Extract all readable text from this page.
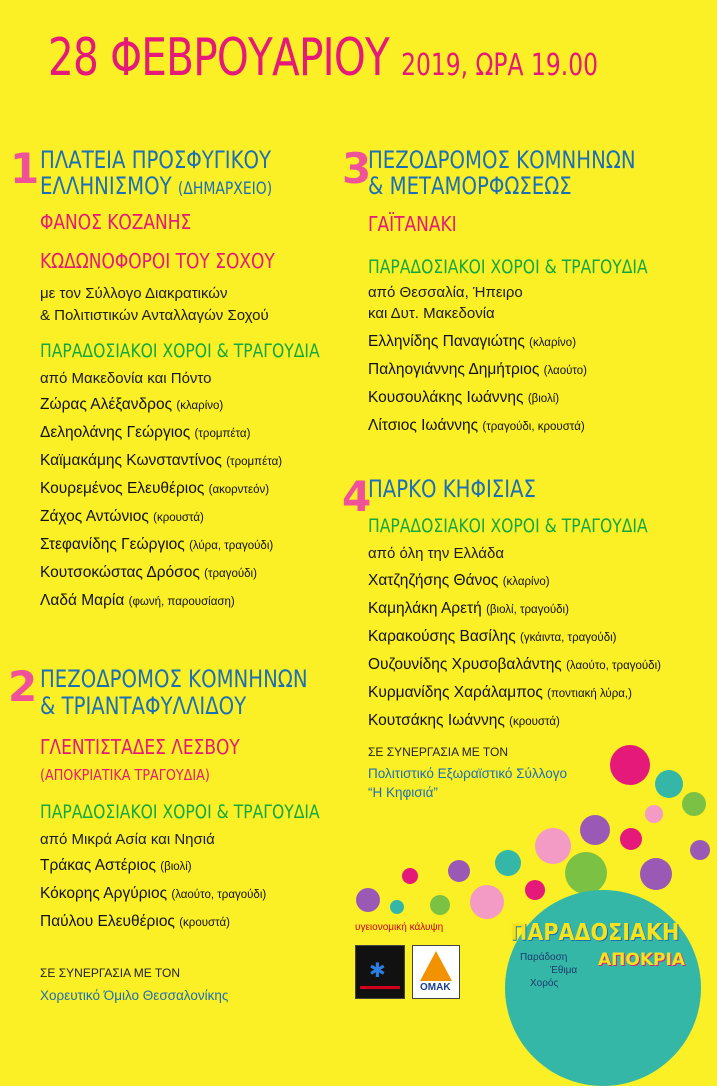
28 ΦΕΒΡΟΥΑΡΙΟΥ 2019, ΩΡΑ 19.00
1 ΠΛΑΤΕΙΑ ΠΡΟΣΦΥΓΙΚΟΥ
ΕΛΛΗΝΙΣΜΟΥ (ΔΗΜΑΡΧΕΙΟ)
ΦΑΝΟΣ ΚΟΖΑΝΗΣ
ΚΩΔΩΝΟΦΟΡΟΙ ΤΟΥ ΣΟΧΟΥ
με τον Σύλλογο Διακρατικών
& Πολιτιστικών Ανταλλαγών Σοχού
ΠΑΡΑΔΟΣΙΑΚΟΙ ΧΟΡΟΙ & ΤΡΑΓΟΥΔΙΑ
από Μακεδονία και Πόντο
Ζώρας Αλέξανδρος (κλαρίνο)
Δεληολάνης Γεώργιος (τρομπέτα)
Καϊμακάμης Κωνσταντίνος (τρομπέτα)
Κουρεμένος Ελευθέριος (ακορντεόν)
Ζάχος Αντώνιος (κρουστά)
Στεφανίδης Γεώργιος (λύρα, τραγούδι)
Κουτσοκώστας Δρόσος (τραγούδι)
Λαδά Μαρία (φωνή, παρουσίαση)
2 ΠΕΖΟΔΡΟΜΟΣ ΚΟΜΝΗΝΩΝ
& ΤΡΙΑΝΤΑΦΥΛΛΙΔΟΥ
ΓΛΕΝΤΙΣΤΑΔΕΣ ΛΕΣΒΟΥ
(ΑΠΟΚΡΙΑΤΙΚΑ ΤΡΑΓΟΥΔΙΑ)
ΠΑΡΑΔΟΣΙΑΚΟΙ ΧΟΡΟΙ & ΤΡΑΓΟΥΔΙΑ
από Μικρά Ασία και Νησιά
Τράκας Αστέριος (βιολί)
Κόκορης Αργύριος (λαούτο, τραγούδι)
Παύλου Ελευθέριος (κρουστά)
ΣΕ ΣΥΝΕΡΓΑΣΙΑ ΜΕ ΤΟΝ
Χορευτικό Όμιλο Θεσσαλονίκης
3
ΠΕΖΟΔΡΟΜΟΣ ΚΟΜΝΗΝΩΝ
& ΜΕΤΑΜΟΡΦΩΣΕΩΣ
ΓΑΪΤΑΝΑΚΙ
ΠΑΡΑΔΟΣΙΑΚΟΙ ΧΟΡΟΙ & ΤΡΑΓΟΥΔΙΑ
από Θεσσαλία, Ήπειρο
και Δυτ. Μακεδονία
Ελληνίδης Παναγιώτης (κλαρίνο)
Παληογιάννης Δημήτριος (λαούτο)
Κουσουλάκης Ιωάννης (βιολί)
Λίτσιος Ιωάννης (τραγούδι, κρουστά)
4
ΠΑΡΚΟ ΚΗΦΙΣΙΑΣ
ΠΑΡΑΔΟΣΙΑΚΟΙ ΧΟΡΟΙ & ΤΡΑΓΟΥΔΙΑ
από όλη την Ελλάδα
Χατζηζήσης Θάνος (κλαρίνο)
Καμηλάκη Αρετή (βιολί, τραγούδι)
Καρακούσης Βασίλης (γκάιντα, τραγούδι)
Ουζουνίδης Χρυσοβαλάντης (λαούτο, τραγούδι)
Κυρμανίδης Χαράλαμπος (ποντιακή λύρα,)
Κουτσάκης Ιωάννης (κρουστά)
ΣΕ ΣΥΝΕΡΓΑΣΙΑ ΜΕ ΤΟΝ
Πολιτιστικό Εξωραϊστικό Σύλλογο
“Η Κηφισιά”
υγειονομική κάλυψη
✱
ΟΜΑΚ
ΠΑΡΑΔΟΣΙΑΚΗ
Παράδοση
Έθιμα
Χορός
ΑΠΟΚΡΙΑ
